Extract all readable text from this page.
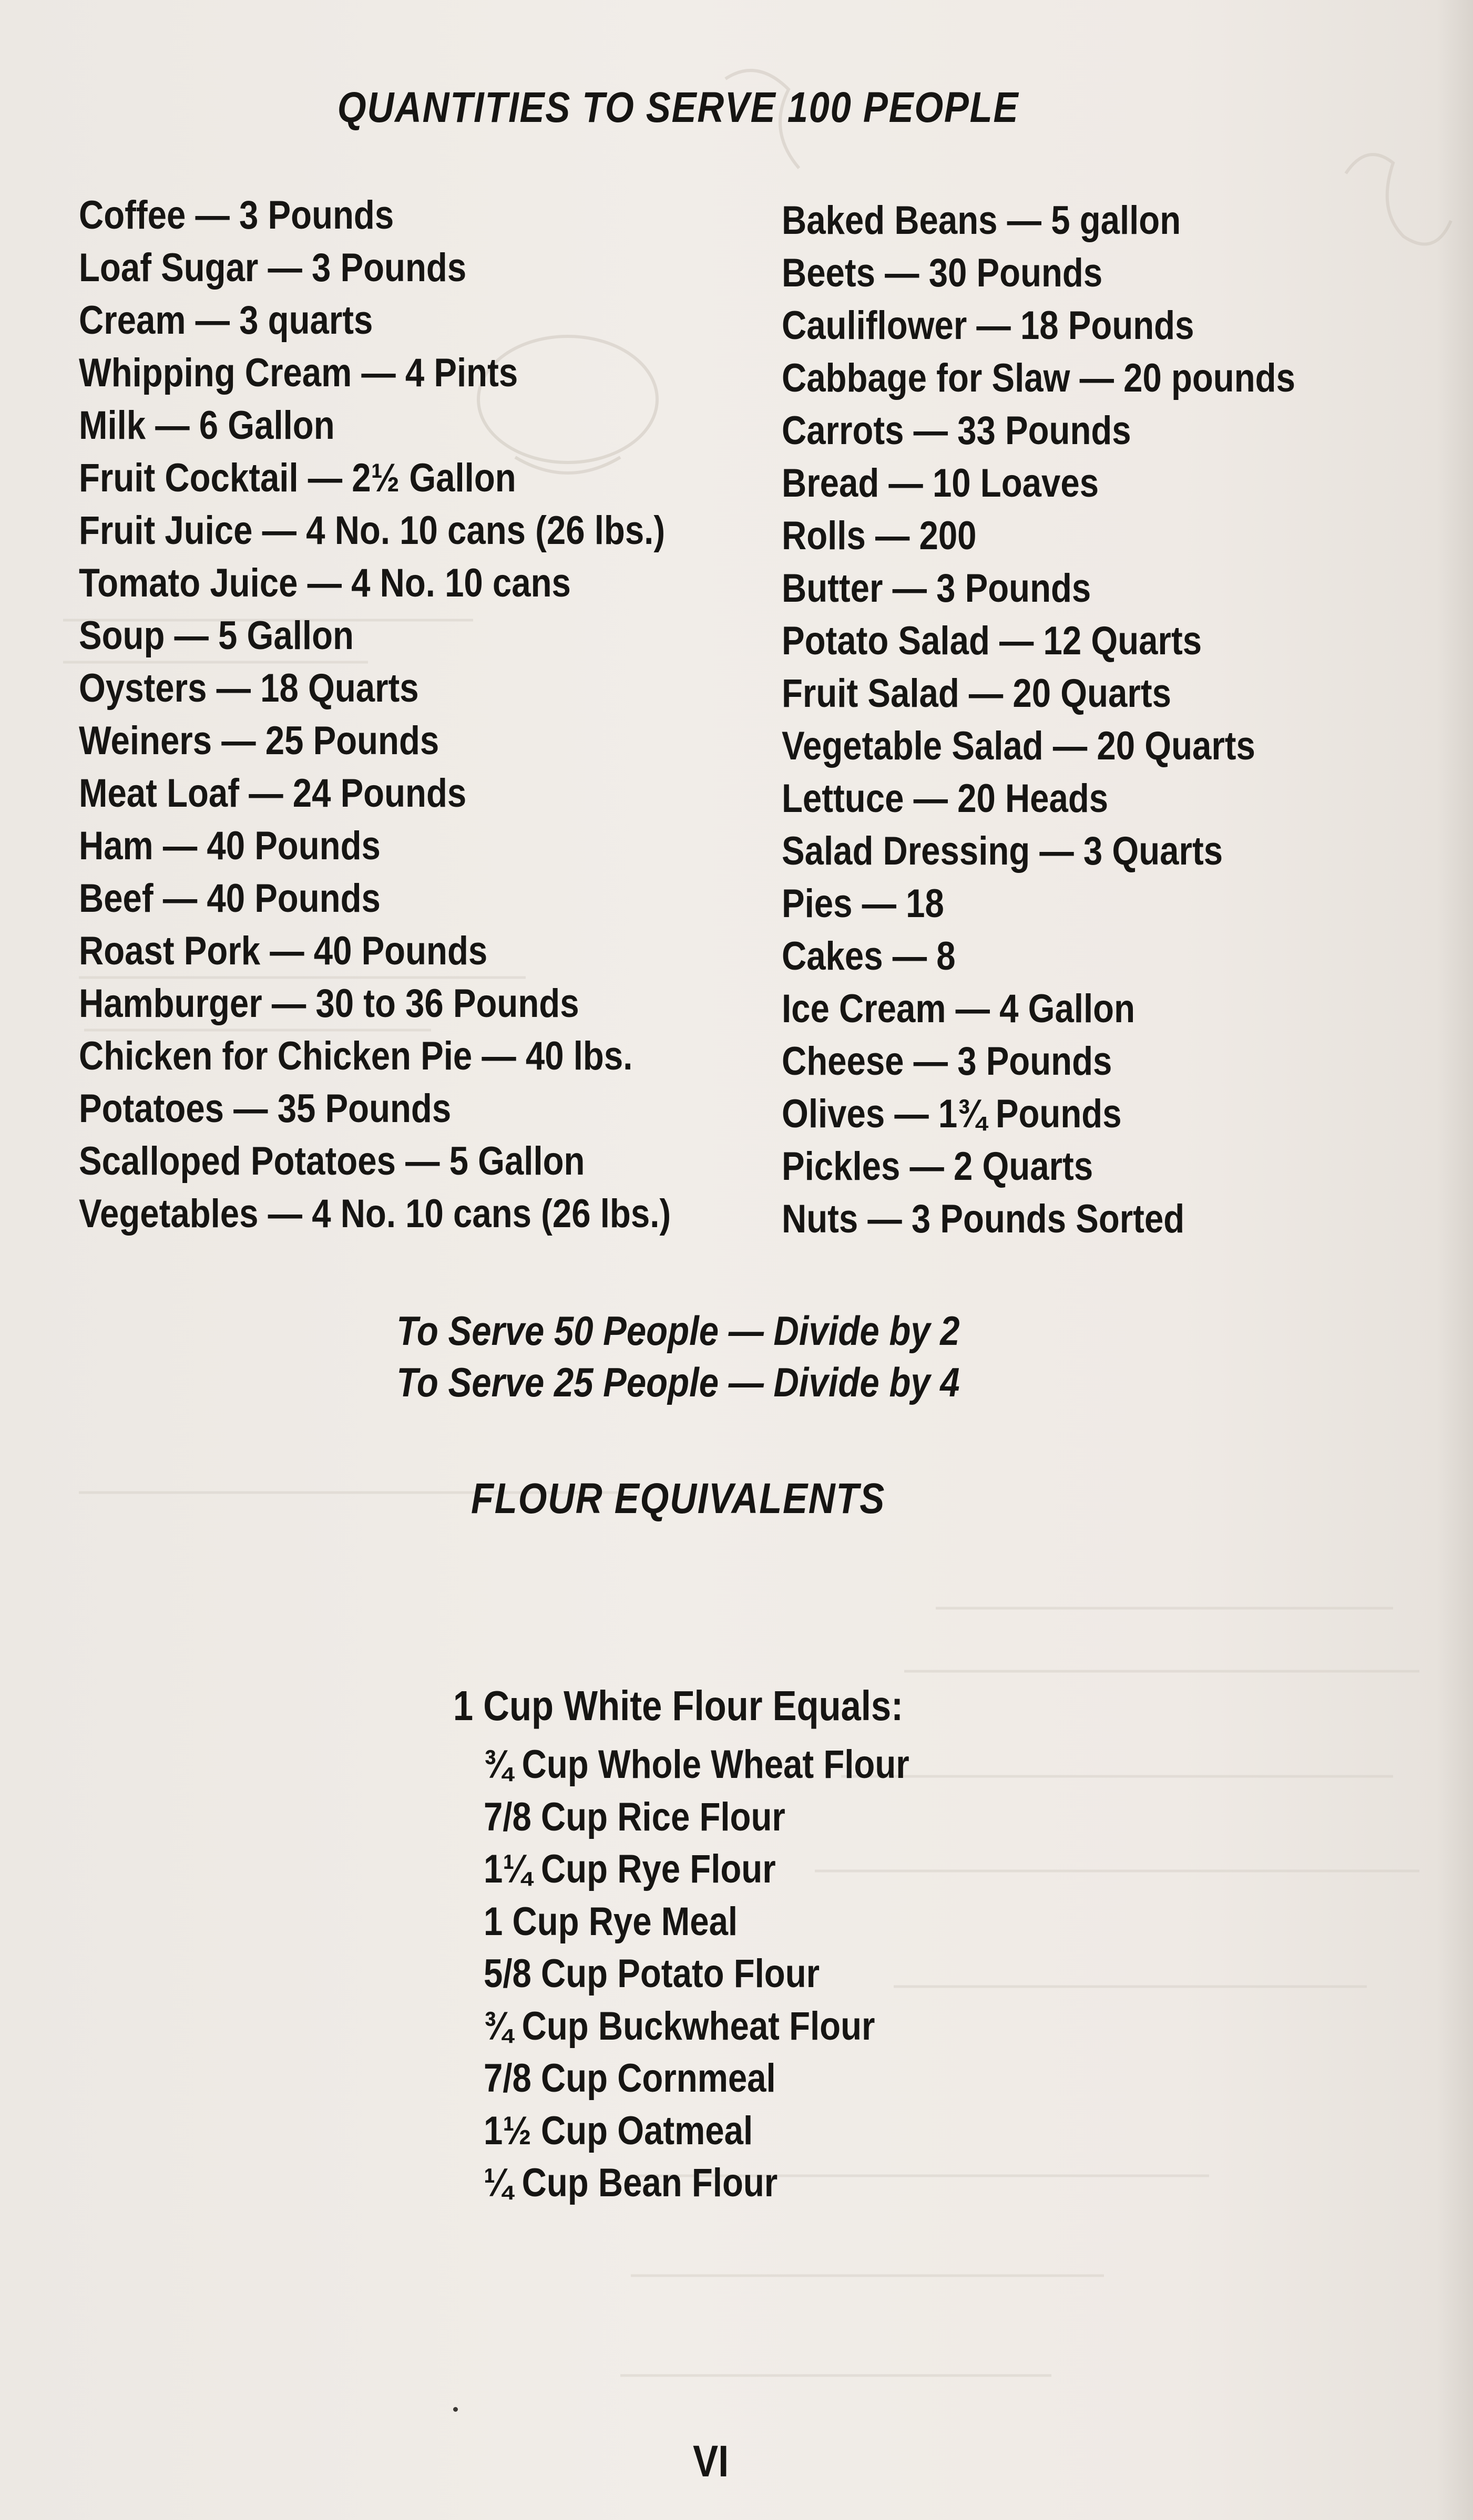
QUANTITIES TO SERVE 100 PEOPLE
Coffee — 3 Pounds
Loaf Sugar — 3 Pounds
Cream — 3 quarts
Whipping Cream — 4 Pints
Milk — 6 Gallon
Fruit Cocktail — 2½ Gallon
Fruit Juice — 4 No. 10 cans (26 lbs.)
Tomato Juice — 4 No. 10 cans
Soup — 5 Gallon
Oysters — 18 Quarts
Weiners — 25 Pounds
Meat Loaf — 24 Pounds
Ham — 40 Pounds
Beef — 40 Pounds
Roast Pork — 40 Pounds
Hamburger — 30 to 36 Pounds
Chicken for Chicken Pie — 40 lbs.
Potatoes — 35 Pounds
Scalloped Potatoes — 5 Gallon
Vegetables — 4 No. 10 cans (26 lbs.)
Baked Beans — 5 gallon
Beets — 30 Pounds
Cauliflower — 18 Pounds
Cabbage for Slaw — 20 pounds
Carrots — 33 Pounds
Bread — 10 Loaves
Rolls — 200
Butter — 3 Pounds
Potato Salad — 12 Quarts
Fruit Salad — 20 Quarts
Vegetable Salad — 20 Quarts
Lettuce — 20 Heads
Salad Dressing — 3 Quarts
Pies — 18
Cakes — 8
Ice Cream — 4 Gallon
Cheese — 3 Pounds
Olives — 1¾ Pounds
Pickles — 2 Quarts
Nuts — 3 Pounds Sorted
To Serve 50 People — Divide by 2
To Serve 25 People — Divide by 4
FLOUR EQUIVALENTS
1 Cup White Flour Equals:
¾ Cup Whole Wheat Flour
7/8 Cup Rice Flour
1¼ Cup Rye Flour
1 Cup Rye Meal
5/8 Cup Potato Flour
¾ Cup Buckwheat Flour
7/8 Cup Cornmeal
1½ Cup Oatmeal
¼ Cup Bean Flour
VI
